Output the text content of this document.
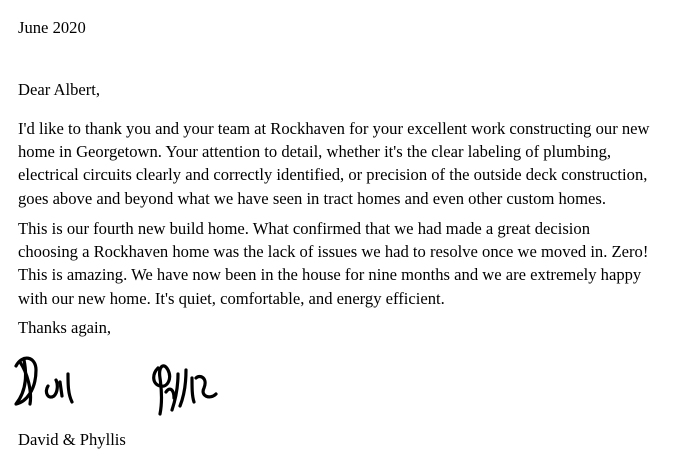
June 2020
Dear Albert,

I'd like to thank you and your team at Rockhaven for your excellent work constructing our new
home in Georgetown. Your attention to detail, whether it's the clear labeling of plumbing,
electrical circuits clearly and correctly identified, or precision of the outside deck construction,
goes above and beyond what we have seen in tract homes and even other custom homes.

This is our fourth new build home. What confirmed that we had made a great decision
choosing a Rockhaven home was the lack of issues we had to resolve once we moved in. Zero!
This is amazing. We have now been in the house for nine months and we are extremely happy
with our new home. It's quiet, comfortable, and energy efficient.

Thanks again,
David & Phyllis
